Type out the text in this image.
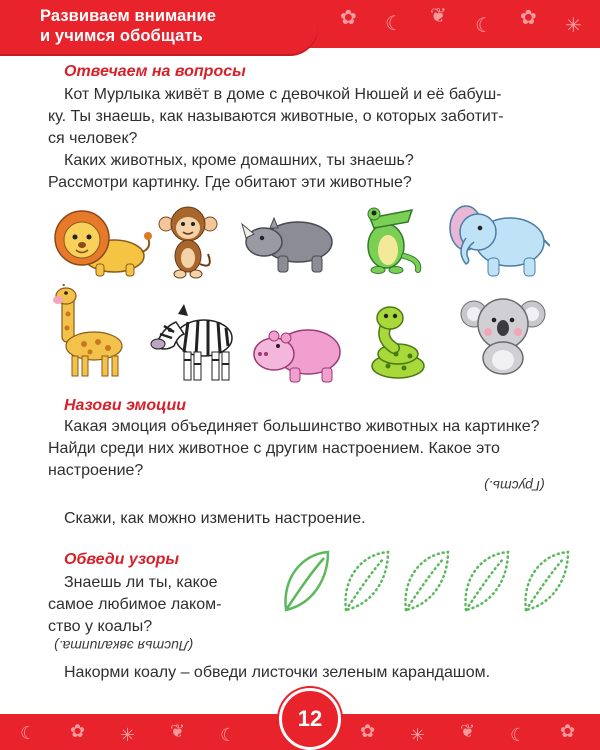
✿ ☾ ❦ ☾ ✿ ✳
Развиваем внимание
и учимся обобщать
Отвечаем на вопросы
Кот Мурлыка живёт в доме с девочкой Нюшей и её бабуш-
ку. Ты знаешь, как называются животные, о которых заботит-
ся человек?
Каких животных, кроме домашних, ты знаешь?
Рассмотри картинку. Где обитают эти животные?
Назови эмоции
Какая эмоция объединяет большинство животных на картинке?
Найди среди них животное с другим настроением. Какое это
настроение?
(Грусть.)
Скажи, как можно изменить настроение.
Обведи узоры
Знаешь ли ты, какое
самое любимое лаком-
ство у коалы?
(Листья эвкалипта.)
Накорми коалу – обведи листочки зеленым карандашом.
☾ ✿ ✳ ❦ ☾	✿ ✳ ❦ ☾ ✿
12
